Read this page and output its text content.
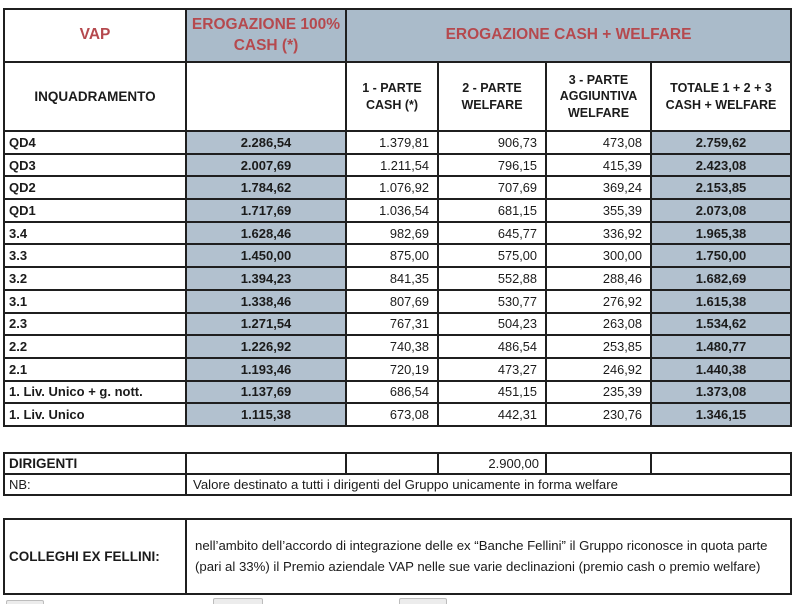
VAP	EROGAZIONE 100% CASH (*)	EROGAZIONE CASH + WELFARE			
INQUADRAMENTO		1 - PARTE CASH (*)	2 - PARTE WELFARE	3 - PARTE AGGIUNTIVA WELFARE	TOTALE 1 + 2 + 3 CASH + WELFARE
QD4	2.286,54	1.379,81	906,73	473,08	2.759,62
QD3	2.007,69	1.211,54	796,15	415,39	2.423,08
QD2	1.784,62	1.076,92	707,69	369,24	2.153,85
QD1	1.717,69	1.036,54	681,15	355,39	2.073,08
3.4	1.628,46	982,69	645,77	336,92	1.965,38
3.3	1.450,00	875,00	575,00	300,00	1.750,00
3.2	1.394,23	841,35	552,88	288,46	1.682,69
3.1	1.338,46	807,69	530,77	276,92	1.615,38
2.3	1.271,54	767,31	504,23	263,08	1.534,62
2.2	1.226,92	740,38	486,54	253,85	1.480,77
2.1	1.193,46	720,19	473,27	246,92	1.440,38
1. Liv. Unico + g. nott.	1.137,69	686,54	451,15	235,39	1.373,08
1. Liv. Unico	1.115,38	673,08	442,31	230,76	1.346,15
DIRIGENTI			2.900,00		
NB:	Valore destinato a tutti i dirigenti del Gruppo unicamente in forma welfare				
COLLEGHI EX FELLINI:	nell’ambito dell’accordo di integrazione delle ex “Banche Fellini” il Gruppo riconosce in quota parte (pari al 33%) il Premio aziendale VAP nelle sue varie declinazioni (premio cash o premio welfare)
